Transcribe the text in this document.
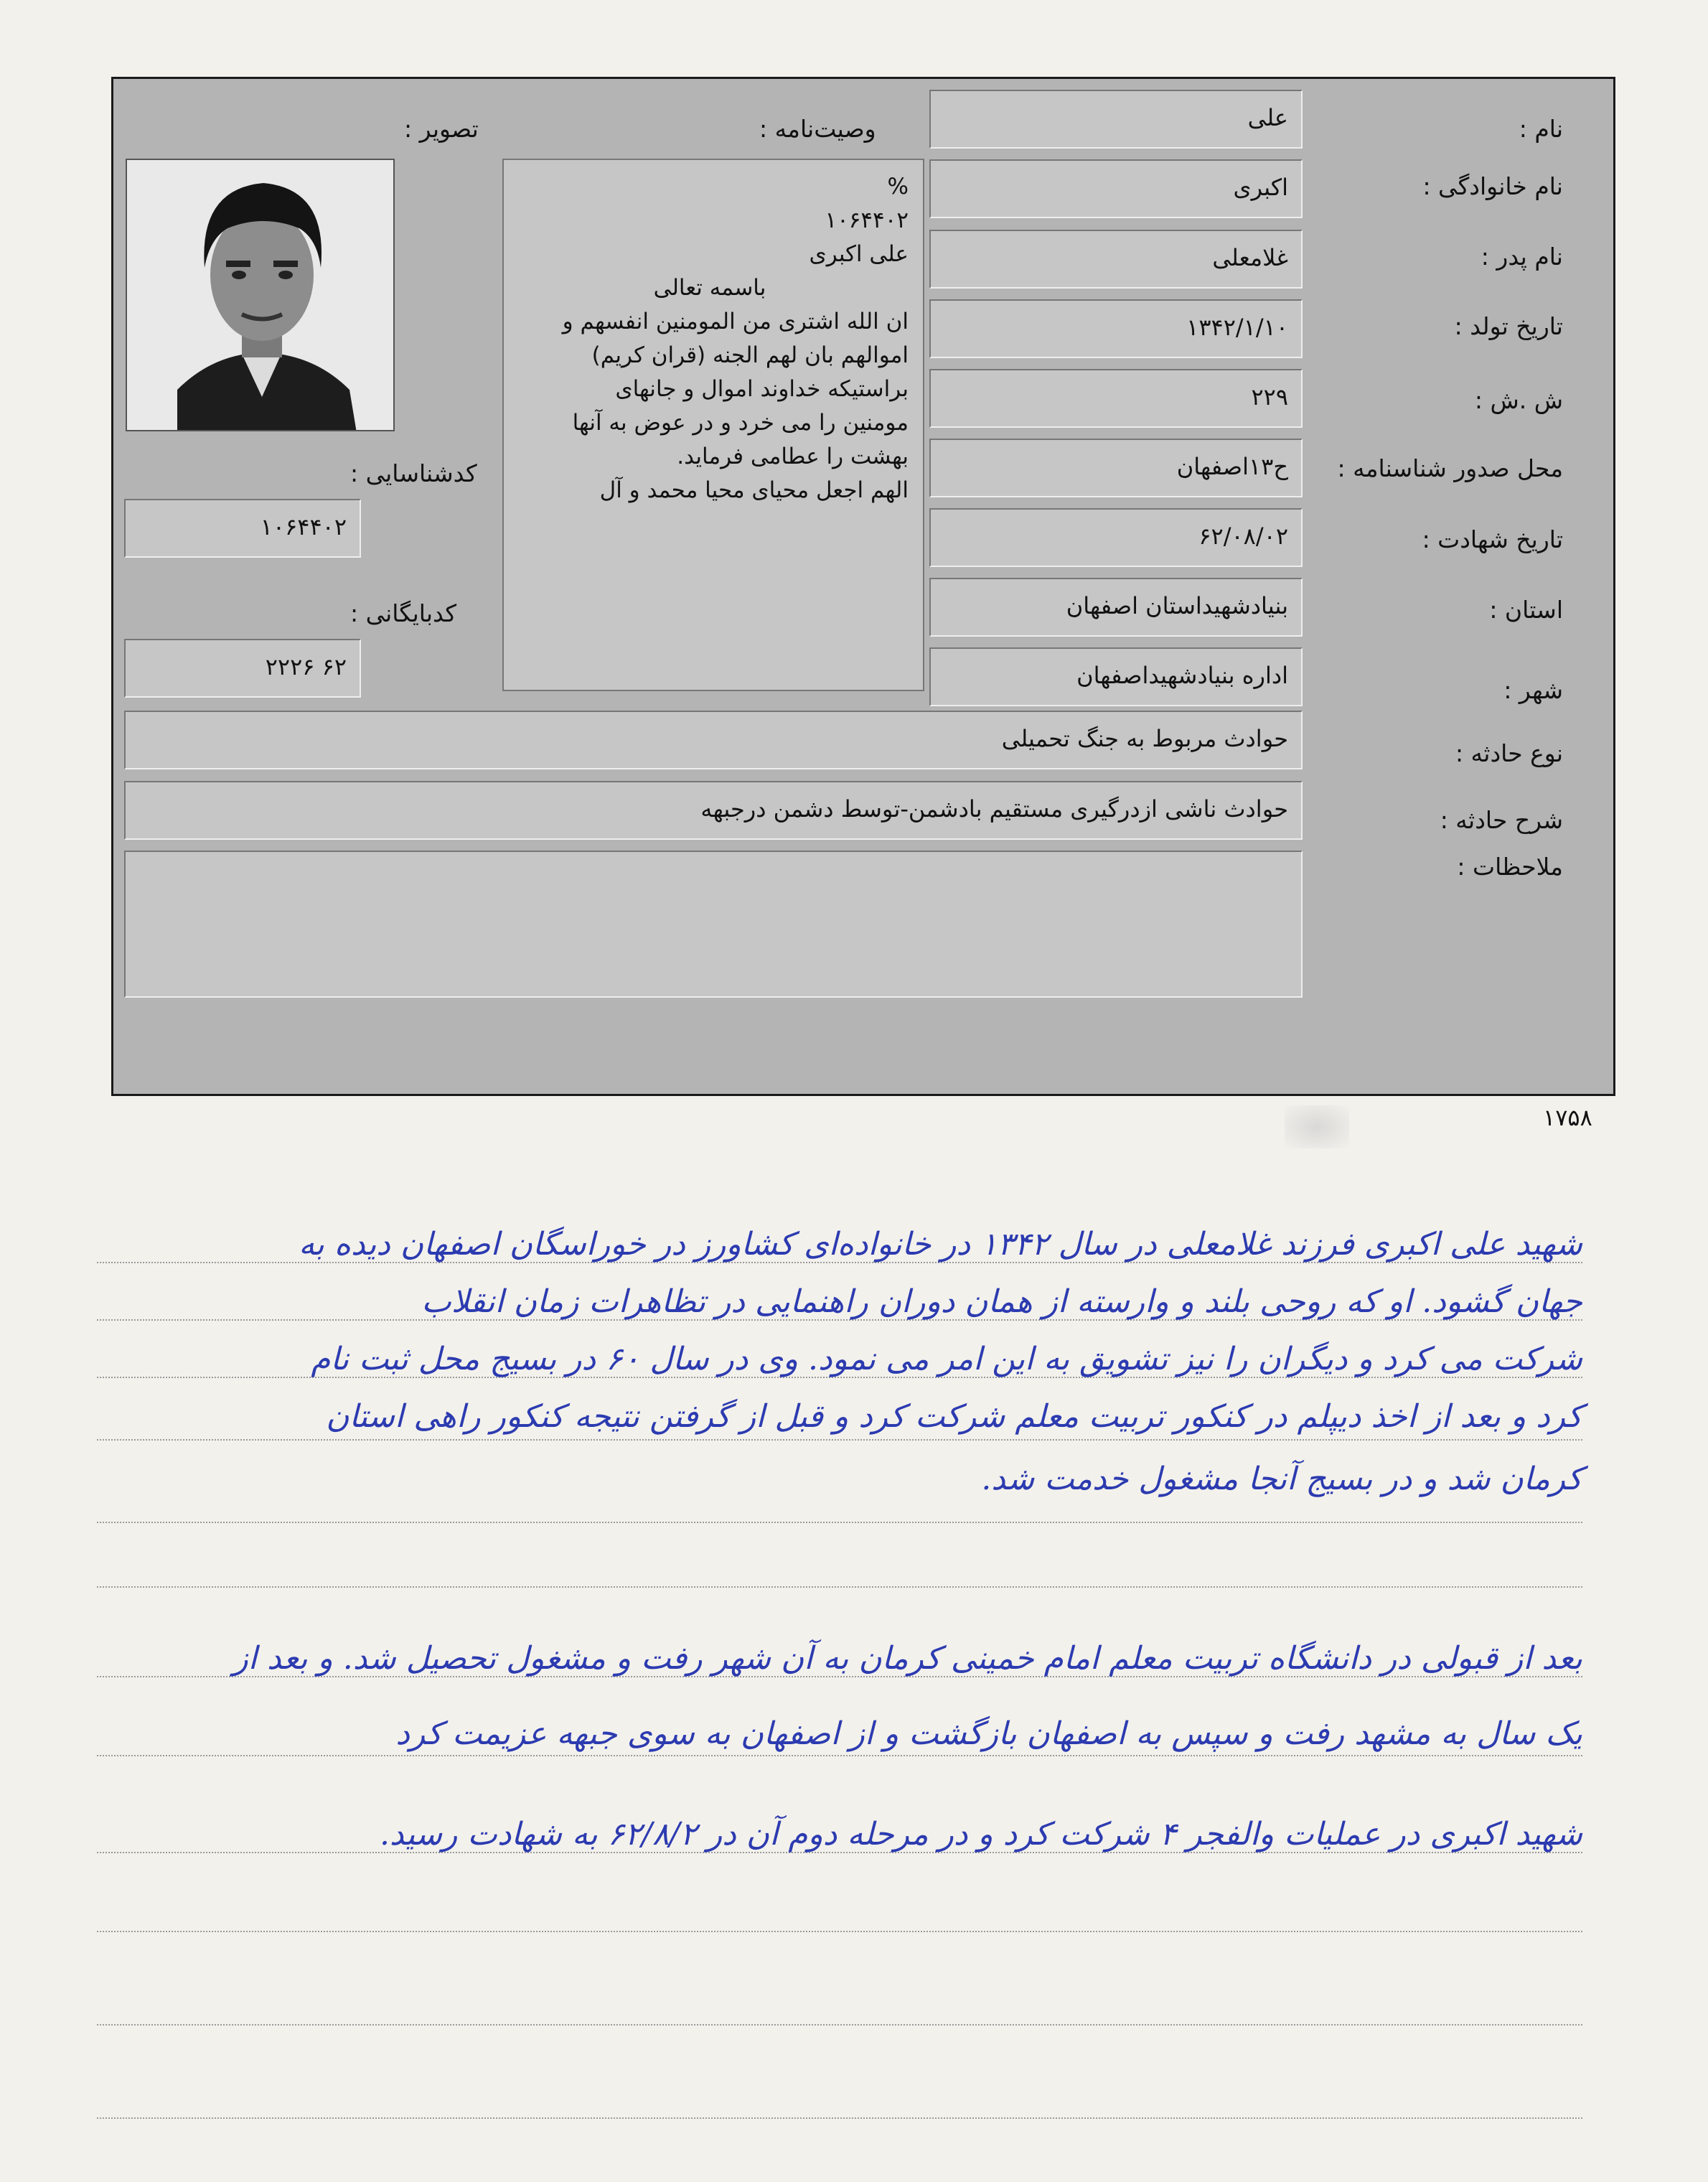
نام :
نام خانوادگی :
نام پدر :
تاریخ تولد :
ش .ش :
محل صدور شناسنامه :
تاریخ شهادت :
استان :
شهر :
نوع حادثه :
شرح حادثه :
ملاحظات :
علی
اکبری
غلامعلی
۱۳۴۲/۱/۱۰
۲۲۹
ح۱۳اصفهان
۶۲/۰۸/۰۲
بنیادشهیداستان اصفهان
اداره بنیادشهیداصفهان
حوادث مربوط به جنگ تحمیلی
حوادث ناشی ازدرگیری مستقیم بادشمن-توسط دشمن درجبهه
وصیت‌نامه :
%
۱۰۶۴۴۰۲
علی اکبری
باسمه تعالی
ان الله اشتری من المومنین انفسهم و
اموالهم بان لهم الجنه (قران کریم)
براستیکه خداوند اموال و جانهای
مومنین را می خرد و در عوض به آنها
بهشت را عطامی فرماید.
الهم اجعل محیای محیا محمد و آل
تصویر :
کدشناسایی :
۱۰۶۴۴۰۲
کدبایگانی :
۶۲ ۲۲۲۶
۱۷۵۸
شهید علی اکبری فرزند غلامعلی در سال ۱۳۴۲ در خانواده‌ای کشاورز در خوراسگان اصفهان دیده به
جهان گشود. او که روحی بلند و وارسته از همان دوران راهنمایی در تظاهرات زمان انقلاب
شرکت می کرد و دیگران را نیز تشویق به این امر می نمود. وی در سال ۶۰ در بسیج محل ثبت نام
کرد و بعد از اخذ دیپلم در کنکور تربیت معلم شرکت کرد و قبل از گرفتن نتیجه کنکور راهی استان
کرمان شد و در بسیج آنجا مشغول خدمت شد.
بعد از قبولی در دانشگاه تربیت معلم امام خمینی کرمان به آن شهر رفت و مشغول تحصیل شد. و بعد از
یک سال به مشهد رفت و سپس به اصفهان بازگشت و از اصفهان به سوی جبهه عزیمت کرد
شهید اکبری در عملیات والفجر ۴ شرکت کرد و در مرحله دوم آن در ۶۲/۸/۲ به شهادت رسید.
